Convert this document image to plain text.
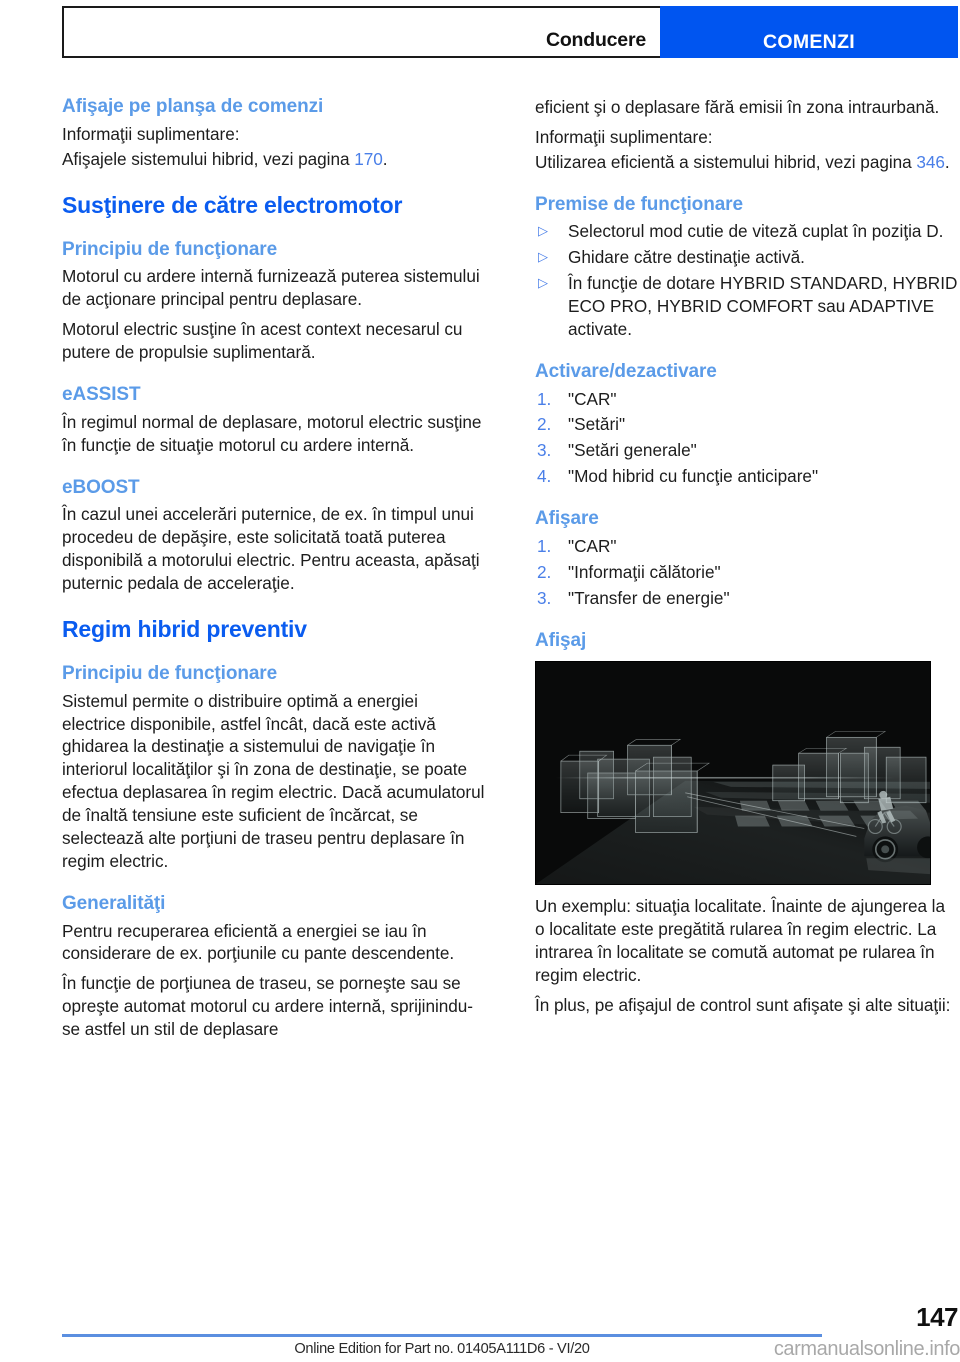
Conducere	COMENZI
Afişaje pe planşa de comenzi

Informaţii suplimentare:

Afişajele sistemului hibrid, vezi pagina 170.

Susţinere de către electromotor
Principiu de funcţionare

Motorul cu ardere internă furnizează puterea sistemului de acţionare principal pentru deplasare.

Motorul electric susţine în acest context necesarul cu putere de propulsie suplimentară.

eASSIST

În regimul normal de deplasare, motorul electric susţine în funcţie de situaţie motorul cu ardere internă.

eBOOST

În cazul unei accelerări puternice, de ex. în timpul unui procedeu de depăşire, este solicitată toată puterea disponibilă a motorului electric. Pentru aceasta, apăsaţi puternic pedala de acceleraţie.

Regim hibrid preventiv
Principiu de funcţionare

Sistemul permite o distribuire optimă a energiei electrice disponibile, astfel încât, dacă este activă ghidarea la destinaţie a sistemului de navigaţie în interiorul localităţilor şi în zona de destinaţie, se poate efectua deplasarea în regim electric. Dacă acumulatorul de înaltă tensiune este suficient de încărcat, se selectează alte porţiuni de traseu pentru deplasare în regim electric.

Generalităţi

Pentru recuperarea eficientă a energiei se iau în considerare de ex. porţiunile cu pante descendente.

În funcţie de porţiunea de traseu, se porneşte sau se opreşte automat motorul cu ardere internă, sprijinindu-se astfel un stil de deplasare

eficient şi o deplasare fără emisii în zona intraurbană.

Informaţii suplimentare:

Utilizarea eficientă a sistemului hibrid, vezi pagina 346.

Premise de funcţionare
▷ Selectorul mod cutie de viteză cuplat în poziţia D.
▷ Ghidare către destinaţie activă.
▷ În funcţie de dotare HYBRID STANDARD, HYBRID ECO PRO, HYBRID COMFORT sau ADAPTIVE activate.
Activare/dezactivare
1. "CAR"
2. "Setări"
3. "Setări generale"
4. "Mod hibrid cu funcţie anticipare"
Afişare
1. "CAR"
2. "Informaţii călătorie"
3. "Transfer de energie"
Afişaj

Un exemplu: situaţia localitate. Înainte de ajungerea la o localitate este pregătită rularea în regim electric. La intrarea în localitate se comută automat pe rularea în regim electric.

În plus, pe afişajul de control sunt afişate şi alte situaţii:

147
Online Edition for Part no. 01405A111D6 - VI/20	carmanualsonline.info
